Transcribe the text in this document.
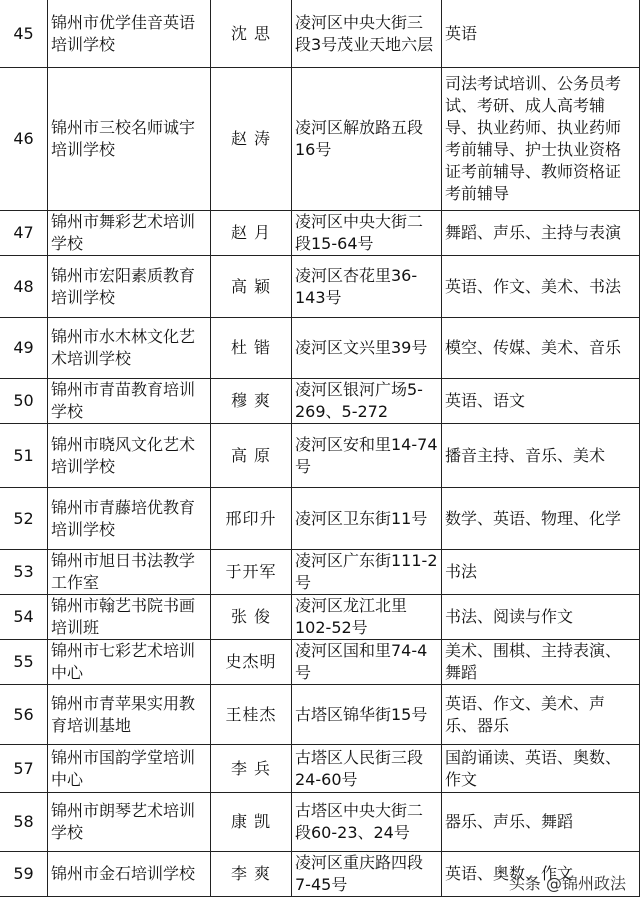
45	锦州市优学佳音英语培训学校	沈 思	凌河区中央大街三段3号茂业天地六层	英语
46	锦州市三校名师诚宇培训学校	赵 涛	凌河区解放路五段16号	司法考试培训、公务员考试、考研、成人高考辅导、执业药师、执业药师考前辅导、护士执业资格证考前辅导、教师资格证考前辅导
47	锦州市舞彩艺术培训学校	赵 月	凌河区中央大街二段15-64号	舞蹈、声乐、主持与表演
48	锦州市宏阳素质教育培训学校	高 颖	凌河区杏花里36-143号	英语、作文、美术、书法
49	锦州市水木林文化艺术培训学校	杜 锴	凌河区文兴里39号	模空、传媒、美术、音乐
50	锦州市青苗教育培训学校	穆 爽	凌河区银河广场5-269、5-272	英语、语文
51	锦州市晓风文化艺术培训学校	高 原	凌河区安和里14-74号	播音主持、音乐、美术
52	锦州市青藤培优教育培训学校	邢印升	凌河区卫东街11号	数学、英语、物理、化学
53	锦州市旭日书法教学工作室	于开军	凌河区广东街111-2号	书法
54	锦州市翰艺书院书画培训班	张 俊	凌河区龙江北里102-52号	书法、阅读与作文
55	锦州市七彩艺术培训中心	史杰明	凌河区国和里74-4号	美术、围棋、主持表演、舞蹈
56	锦州市青苹果实用教育培训基地	王桂杰	古塔区锦华街15号	英语、作文、美术、声乐、器乐
57	锦州市国韵学堂培训中心	李 兵	古塔区人民街三段24-60号	国韵诵读、英语、奥数、作文
58	锦州市朗琴艺术培训学校	康 凯	古塔区中央大街二段60-23、24号	器乐、声乐、舞蹈
59	锦州市金石培训学校	李 爽	凌河区重庆路四段7-45号	英语、奥数、作文
头条 @锦州政法
